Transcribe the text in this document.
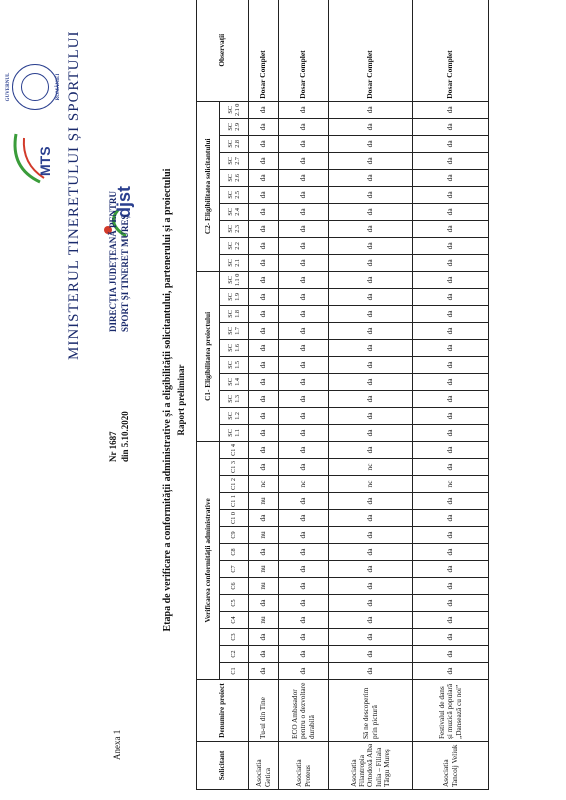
GUVERNUL	ROMÂNIEI
MTS MINISTERUL TINERETULUI ȘI SPORTULUI djst
DIRECȚIA JUDEȚEANĂ PENTRU SPORT ȘI TINERET MUREȘ
Nr 1687 din 5.10.2020
Anexa 1
Etapa de verificare a conformității administrative și a eligibilității solicitantului, partenerului și a proiectului Raport preliminar
Solicitant	Denumire proiect	Verificarea conformității administrative														C1- Eligibilitatea proiectului										C2- Eligibilitatea solicitantului										Observații
		C1	C2	C3	C4	C5	C6	C7	C8	C9	C1 0	C1 1	C1 2	C1 3	C1 4	SC 1.1	SC 1.2	SC 1.3	SC 1.4	SC 1.5	SC 1.6	SC 1.7	SC 1.8	SC 1.9	SC 1.1 0	SC 2.1	SC 2.2	SC 2.3	SC 2.4	SC 2.5	SC 2.6	SC 2.7	SC 2.8	SC 2.9	SC 2.1 0	
Asociatia Getica	Tu-ul din Tine	da	da	da	nu	da	nu	nu	da	nu	da	nu	nc	da	da	da	da	da	da	da	da	da	da	da	da	da	da	da	da	da	da	da	da	da	da	Dosar Complet
Asociatia Proteus	ECO Ambasador pentru o dezvoltare durabilă	da	da	da	da	da	da	da	da	da	da	da	nc	da	da	da	da	da	da	da	da	da	da	da	da	da	da	da	da	da	da	da	da	da	da	Dosar Complet
Asociatia Filantropia Ortodoxă Alba Iulia – Filiala Târgu Mureș	Să ne descoperim prin pictură	da	da	da	da	da	da	da	da	da	da	da	nc	nc	da	da	da	da	da	da	da	da	da	da	da	da	da	da	da	da	da	da	da	da	da	Dosar Complet
Asociatia Tancolj Veliuk	Festivalul de dans și muzică populară „Dansează cu noi”	da	da	da	da	da	da	da	da	da	da	da	nc	da	da	da	da	da	da	da	da	da	da	da	da	da	da	da	da	da	da	da	da	da	da	Dosar Complet
